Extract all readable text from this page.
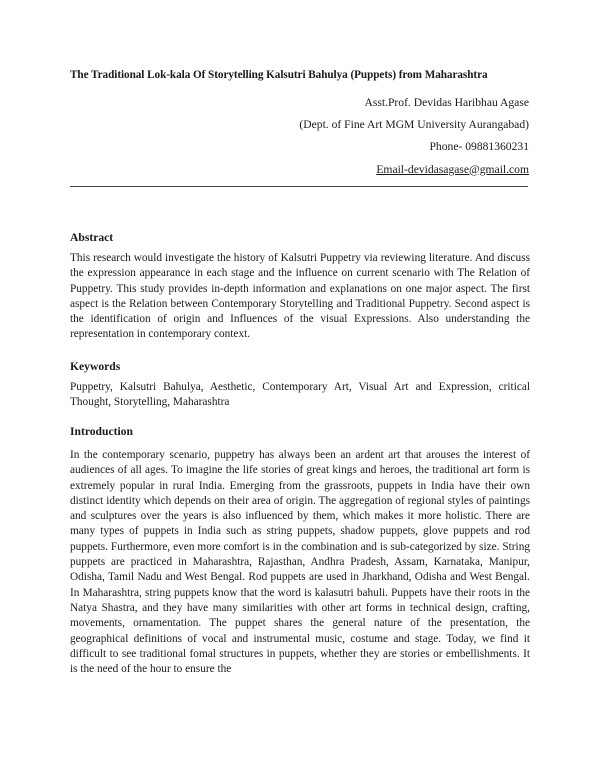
The Traditional Lok-kala Of Storytelling Kalsutri Bahulya (Puppets) from Maharashtra
Asst.Prof. Devidas Haribhau Agase
(Dept. of Fine Art MGM University Aurangabad)
Phone- 09881360231
Email-devidasagase@gmail.com
Abstract

This research would investigate the history of Kalsutri Puppetry via reviewing literature. And discuss the expression appearance in each stage and the influence on current scenario with The Relation of Puppetry. This study provides in-depth information and explanations on one major aspect. The first aspect is the Relation between Contemporary Storytelling and Traditional Puppetry. Second aspect is the identification of origin and Influences of the visual Expressions. Also understanding the representation in contemporary context.

Keywords

Puppetry, Kalsutri Bahulya, Aesthetic, Contemporary Art, Visual Art and Expression, critical Thought, Storytelling, Maharashtra

Introduction

In the contemporary scenario, puppetry has always been an ardent art that arouses the interest of audiences of all ages. To imagine the life stories of great kings and heroes, the traditional art form is extremely popular in rural India. Emerging from the grassroots, puppets in India have their own distinct identity which depends on their area of origin. The aggregation of regional styles of paintings and sculptures over the years is also influenced by them, which makes it more holistic. There are many types of puppets in India such as string puppets, shadow puppets, glove puppets and rod puppets. Furthermore, even more comfort is in the combination and is sub-categorized by size. String puppets are practiced in Maharashtra, Rajasthan, Andhra Pradesh, Assam, Karnataka, Manipur, Odisha, Tamil Nadu and West Bengal. Rod puppets are used in Jharkhand, Odisha and West Bengal. In Maharashtra, string puppets know that the word is kalasutri bahuli. Puppets have their roots in the Natya Shastra, and they have many similarities with other art forms in technical design, crafting, movements, ornamentation. The puppet shares the general nature of the presentation, the geographical definitions of vocal and instrumental music, costume and stage. Today, we find it difficult to see traditional fomal structures in puppets, whether they are stories or embellishments. It is the need of the hour to ensure the
